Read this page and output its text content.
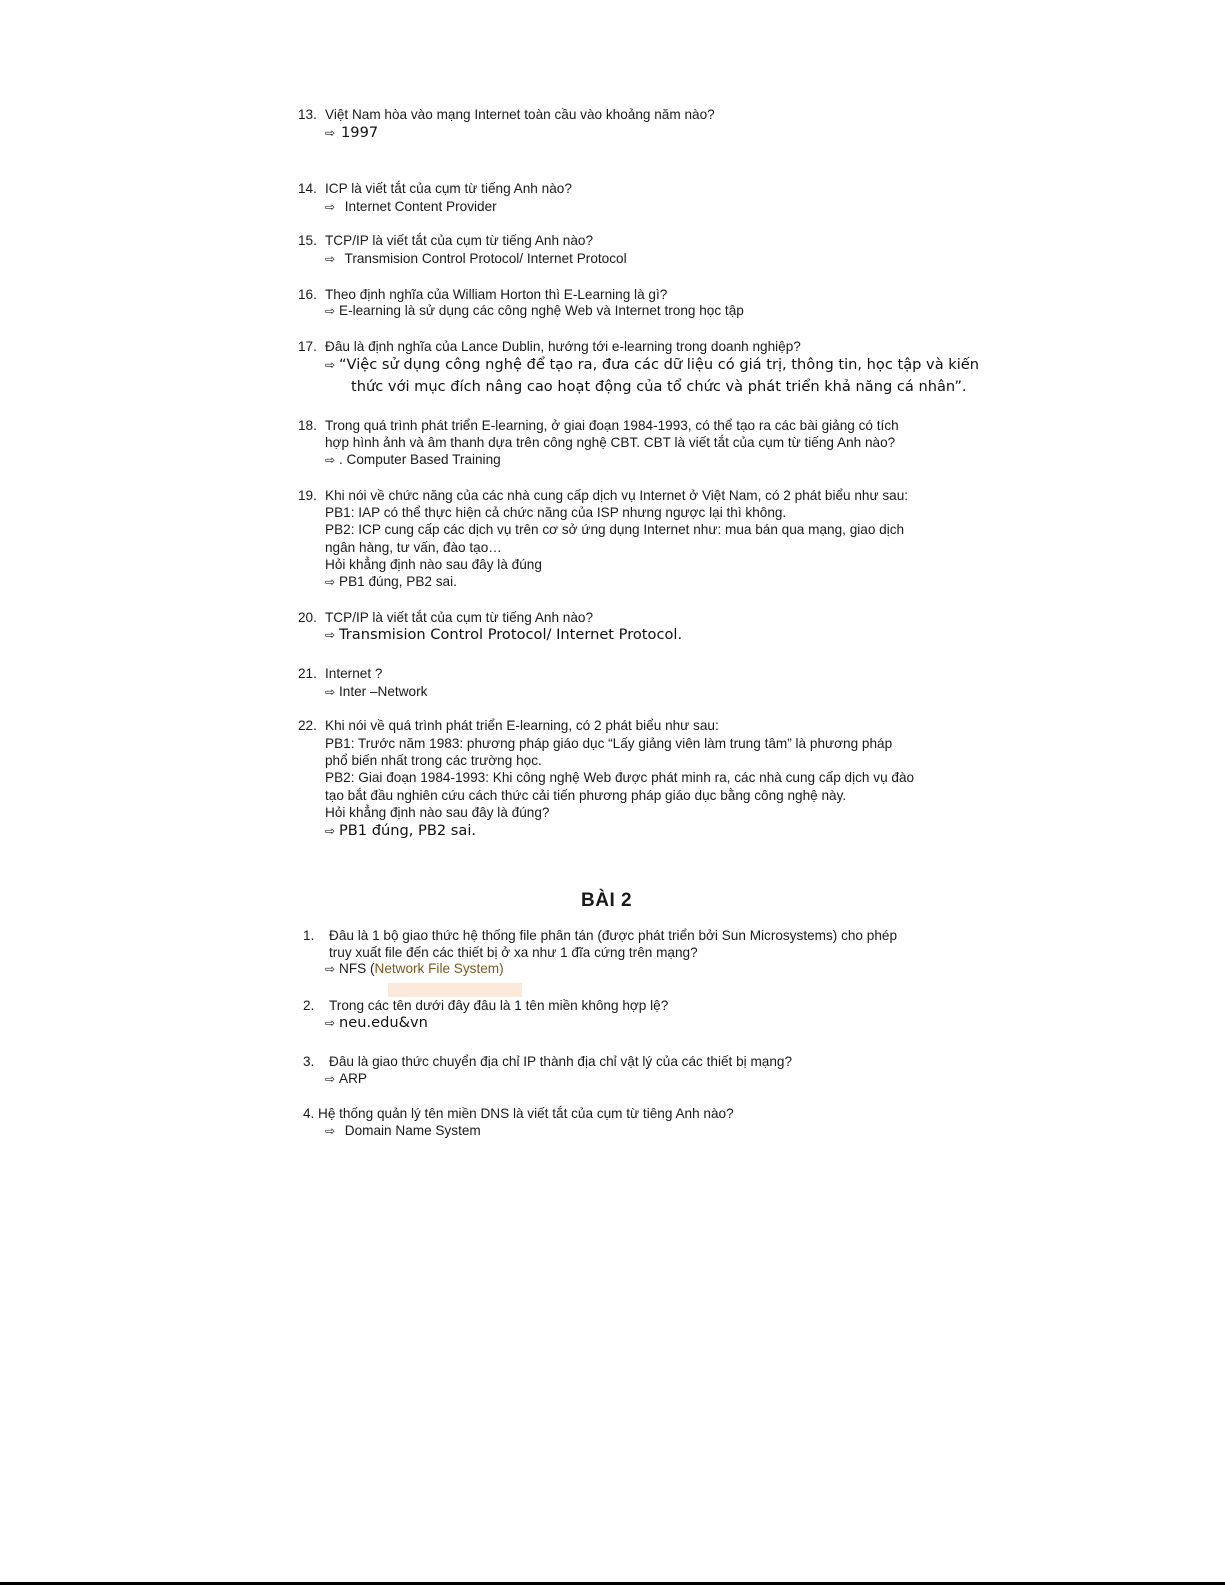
13. Việt Nam hòa vào mạng Internet toàn cầu vào khoảng năm nào?
⇨ 1997
14. ICP là viết tắt của cụm từ tiếng Anh nào?
⇨ Internet Content Provider
15. TCP/IP là viết tắt của cụm từ tiếng Anh nào?
⇨ Transmision Control Protocol/ Internet Protocol
16. Theo định nghĩa của William Horton thì E-Learning là gì?
⇨ E-learning là sử dụng các công nghệ Web và Internet trong học tập
17. Đâu là định nghĩa của Lance Dublin, hướng tới e-learning trong doanh nghiệp?
⇨ “Việc sử dụng công nghệ để tạo ra, đưa các dữ liệu có giá trị, thông tin, học tập và kiến
thức với mục đích nâng cao hoạt động của tổ chức và phát triển khả năng cá nhân”.
18. Trong quá trình phát triển E-learning, ở giai đoạn 1984-1993, có thể tạo ra các bài giảng có tích
hợp hình ảnh và âm thanh dựa trên công nghệ CBT. CBT là viết tắt của cụm từ tiếng Anh nào?
⇨ . Computer Based Training
19. Khi nói về chức năng của các nhà cung cấp dịch vụ Internet ở Việt Nam, có 2 phát biểu như sau:
PB1: IAP có thể thực hiện cả chức năng của ISP nhưng ngược lại thì không.
PB2: ICP cung cấp các dịch vụ trên cơ sở ứng dụng Internet như: mua bán qua mạng, giao dịch
ngân hàng, tư vấn, đào tạo…
Hỏi khẳng định nào sau đây là đúng
⇨ PB1 đúng, PB2 sai.
20. TCP/IP là viết tắt của cụm từ tiếng Anh nào?
⇨ Transmision Control Protocol/ Internet Protocol.
21. Internet ?
⇨ Inter –Network
22. Khi nói về quá trình phát triển E-learning, có 2 phát biểu như sau:
PB1: Trước năm 1983: phương pháp giáo dục “Lấy giảng viên làm trung tâm” là phương pháp
phổ biến nhất trong các trường học.
PB2: Giai đoạn 1984-1993: Khi công nghệ Web được phát minh ra, các nhà cung cấp dịch vụ đào
tạo bắt đầu nghiên cứu cách thức cải tiến phương pháp giáo dục bằng công nghệ này.
Hỏi khẳng định nào sau đây là đúng?
⇨ PB1 đúng, PB2 sai.
BÀI 2
1. Đâu là 1 bộ giao thức hệ thống file phân tán (được phát triển bởi Sun Microsystems) cho phép
truy xuất file đến các thiết bị ở xa như 1 đĩa cứng trên mạng?
⇨ NFS (Network File System)
2. Trong các tên dưới đây đâu là 1 tên miền không hợp lệ?
⇨ neu.edu&vn
3. Đâu là giao thức chuyển địa chỉ IP thành địa chỉ vật lý của các thiết bị mạng?
⇨ ARP
4. Hệ thống quản lý tên miền DNS là viết tắt của cụm từ tiêng Anh nào?
⇨ Domain Name System
